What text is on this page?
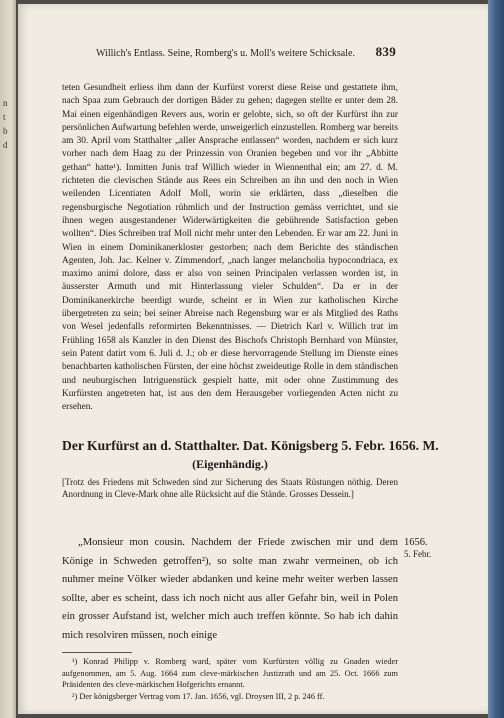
n
t
b
d
Willich's Entlass. Seine, Romberg's u. Moll's weitere Schicksale. 839

teten Gesundheit erliess ihm dann der Kurfürst vorerst diese Reise und gestattete ihm, nach Spaa zum Gebrauch der dortigen Bäder zu gehen; dagegen stellte er unter dem 28. Mai einen eigenhändigen Revers aus, worin er gelobte, sich, so oft der Kurfürst ihn zur persönlichen Aufwartung befehlen werde, unweigerlich einzustellen. Romberg war bereits am 30. April vom Statthalter „aller Ansprache entlassen“ worden, nachdem er sich kurz vorher nach dem Haag zu der Prinzessin von Oranien begeben und vor ihr „Abbitte gethan“ hatte¹). Inmitten Junis traf Willich wieder in Wiennenthal ein; am 27. d. M. richteten die clevischen Stände aus Rees ein Schreiben an ihn und den noch in Wien weilenden Licentiaten Adolf Moll, worin sie erklärten, dass „dieselben die regensburgische Negotiation rühmlich und der Instruction gemäss verrichtet, und sie ihnen wegen ausgestandener Widerwärtigkeiten die gebührende Satisfaction geben wollten“. Dies Schreiben traf Moll nicht mehr unter den Lebenden. Er war am 22. Juni in Wien in einem Dominikanerkloster gestorben; nach dem Berichte des ständischen Agenten, Joh. Jac. Kelner v. Zimmendorf, „nach langer melancholia hypocondriaca, ex maximo animi dolore, dass er also von seinen Principalen verlassen worden ist, in äusserster Armuth und mit Hinterlassung vieler Schulden“. Da er in der Dominikanerkirche beerdigt wurde, scheint er in Wien zur katholischen Kirche übergetreten zu sein; bei seiner Abreise nach Regensburg war er als Mitglied des Raths von Wesel jedenfalls reformirten Bekenntnisses. — Dietrich Karl v. Willich trat im Frühling 1658 als Kanzler in den Dienst des Bischofs Christoph Bernhard von Münster, sein Patent datirt vom 6. Juli d. J.; ob er diese hervorragende Stellung im Dienste eines benachbarten katholischen Fürsten, der eine höchst zweideutige Rolle in dem ständischen und neuburgischen Intriguenstück gespielt hatte, mit oder ohne Zustimmung des Kurfürsten angetreten hat, ist aus den dem Herausgeber vorliegenden Acten nicht zu ersehen.

Der Kurfürst an d. Statthalter. Dat. Königsberg 5. Febr. 1656. M.
(Eigenhändig.)

[Trotz des Friedens mit Schweden sind zur Sicherung des Staats Rüstungen nöthig. Deren Anordnung in Cleve-Mark ohne alle Rücksicht auf die Stände. Grosses Dessein.]

„Monsieur mon cousin. Nachdem der Friede zwischen mir und dem Könige in Schweden getroffen²), so solte man zwahr vermeinen, ob ich nuhmer meine Völker wieder abdanken und keine mehr weiter werben lassen sollte, aber es scheint, dass ich noch nicht aus aller Gefahr bin, weil in Polen ein grosser Aufstand ist, welcher mich auch treffen könnte. So hab ich dahin mich resolviren müssen, noch einige

1656.
5. Febr.

¹) Konrad Philipp v. Romberg ward, später vom Kurfürsten völlig zu Gnaden wieder aufgenommen, am 5. Aug. 1664 zum cleve-märkischen Justizrath und am 25. Oct. 1666 zum Präsidenten des cleve-märkischen Hofgerichts ernannt.

²) Der königsberger Vertrag vom 17. Jan. 1656, vgl. Droysen III, 2 p. 246 ff.
